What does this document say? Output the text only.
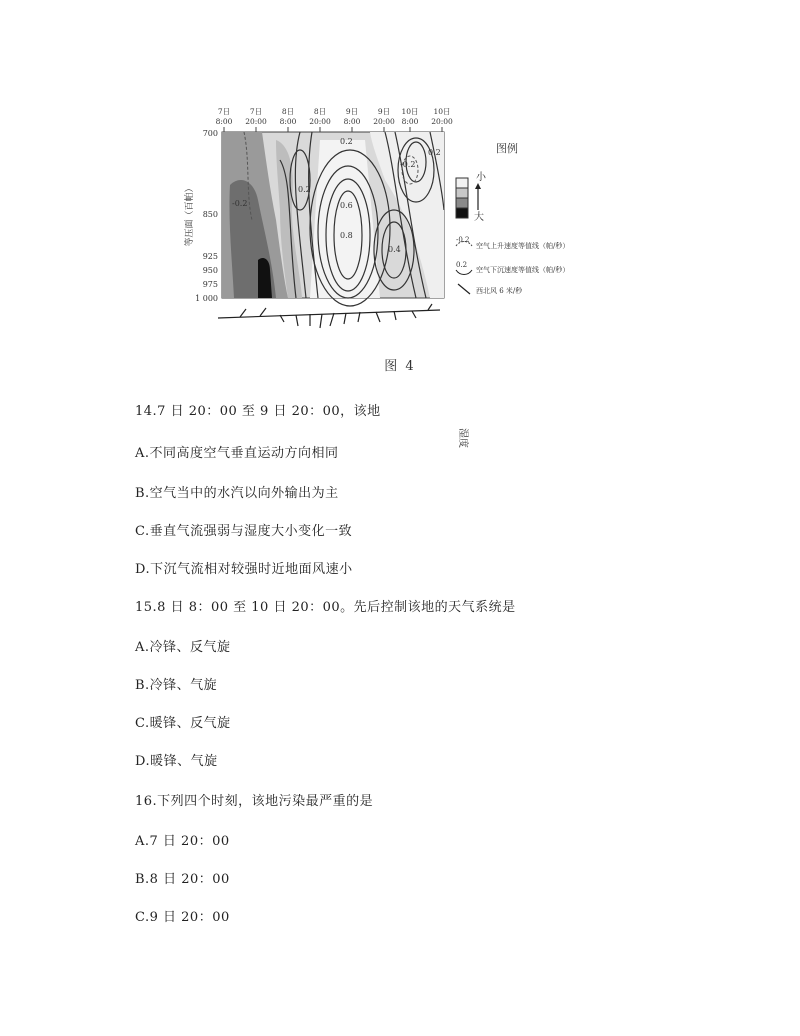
0.2
-0.2
0.2
-0.2
0.2
0.6
0.8
0.4
7日
8:00
7日
20:00
8日
8:00
8日
20:00
9日
8:00
9日
20:00
10日
8:00
10日
20:00
700
850
925
950
975
1 000
等压面（百帕）
图例
湿度
小
大
-0.2
空气上升速度等值线（帕/秒）
0.2
空气下沉速度等值线（帕/秒）
西北风 6 米/秒
图 4
14.7 日 20：00 至 9 日 20：00，该地
A.不同高度空气垂直运动方向相同
B.空气当中的水汽以向外输出为主
C.垂直气流强弱与湿度大小变化一致
D.下沉气流相对较强时近地面风速小
15.8 日 8：00 至 10 日 20：00。先后控制该地的天气系统是
A.冷锋、反气旋
B.冷锋、气旋
C.暖锋、反气旋
D.暖锋、气旋
16.下列四个时刻，该地污染最严重的是
A.7 日 20：00
B.8 日 20：00
C.9 日 20：00
